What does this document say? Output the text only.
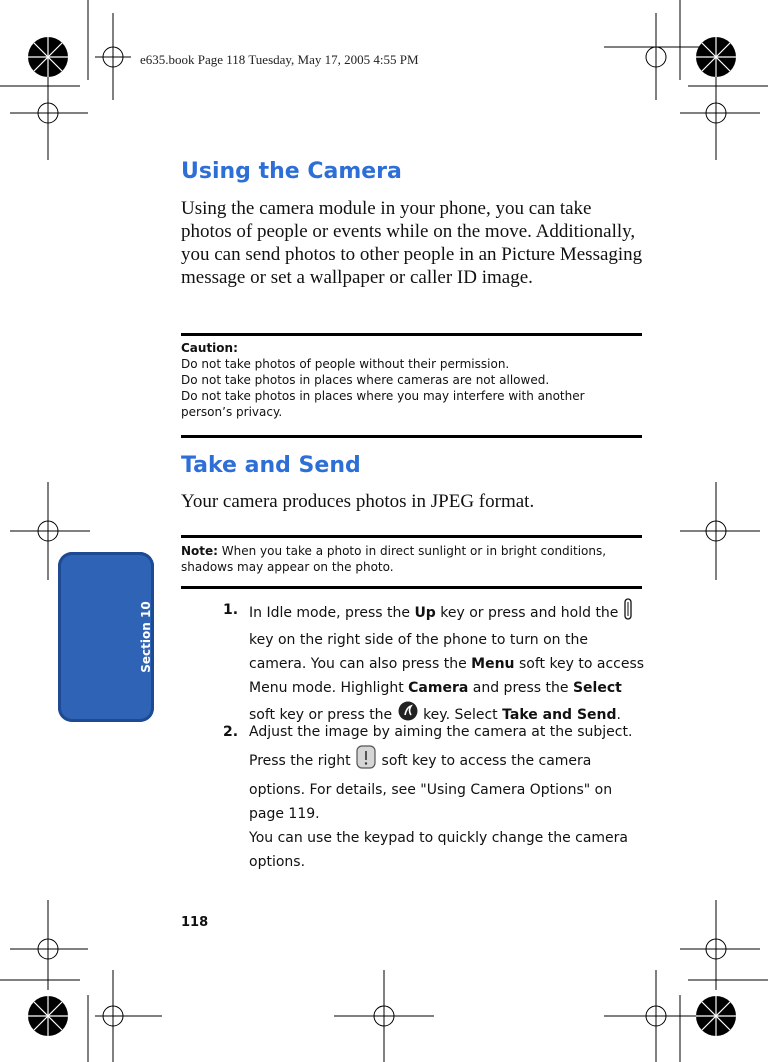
e635.book Page 118 Tuesday, May 17, 2005 4:55 PM
Using the Camera
Using the camera module in your phone, you can take photos of people or events while on the move. Additionally, you can send photos to other people in an Picture Messaging message or set a wallpaper or caller ID image.
Caution:
Do not take photos of people without their permission.
Do not take photos in places where cameras are not allowed.
Do not take photos in places where you may interfere with another person’s privacy.
Take and Send
Your camera produces photos in JPEG format.
Note: When you take a photo in direct sunlight or in bright conditions, shadows may appear on the photo.
1. In Idle mode, press the Up key or press and hold the  key on the right side of the phone to turn on the camera. You can also press the Menu soft key to access Menu mode. Highlight Camera and press the Select soft key or press the  key. Select Take and Send.
2. Adjust the image by aiming the camera at the subject. Press the right  soft key to access the camera options. For details, see "Using Camera Options" on page 119.
You can use the keypad to quickly change the camera options.
Section 10
118
